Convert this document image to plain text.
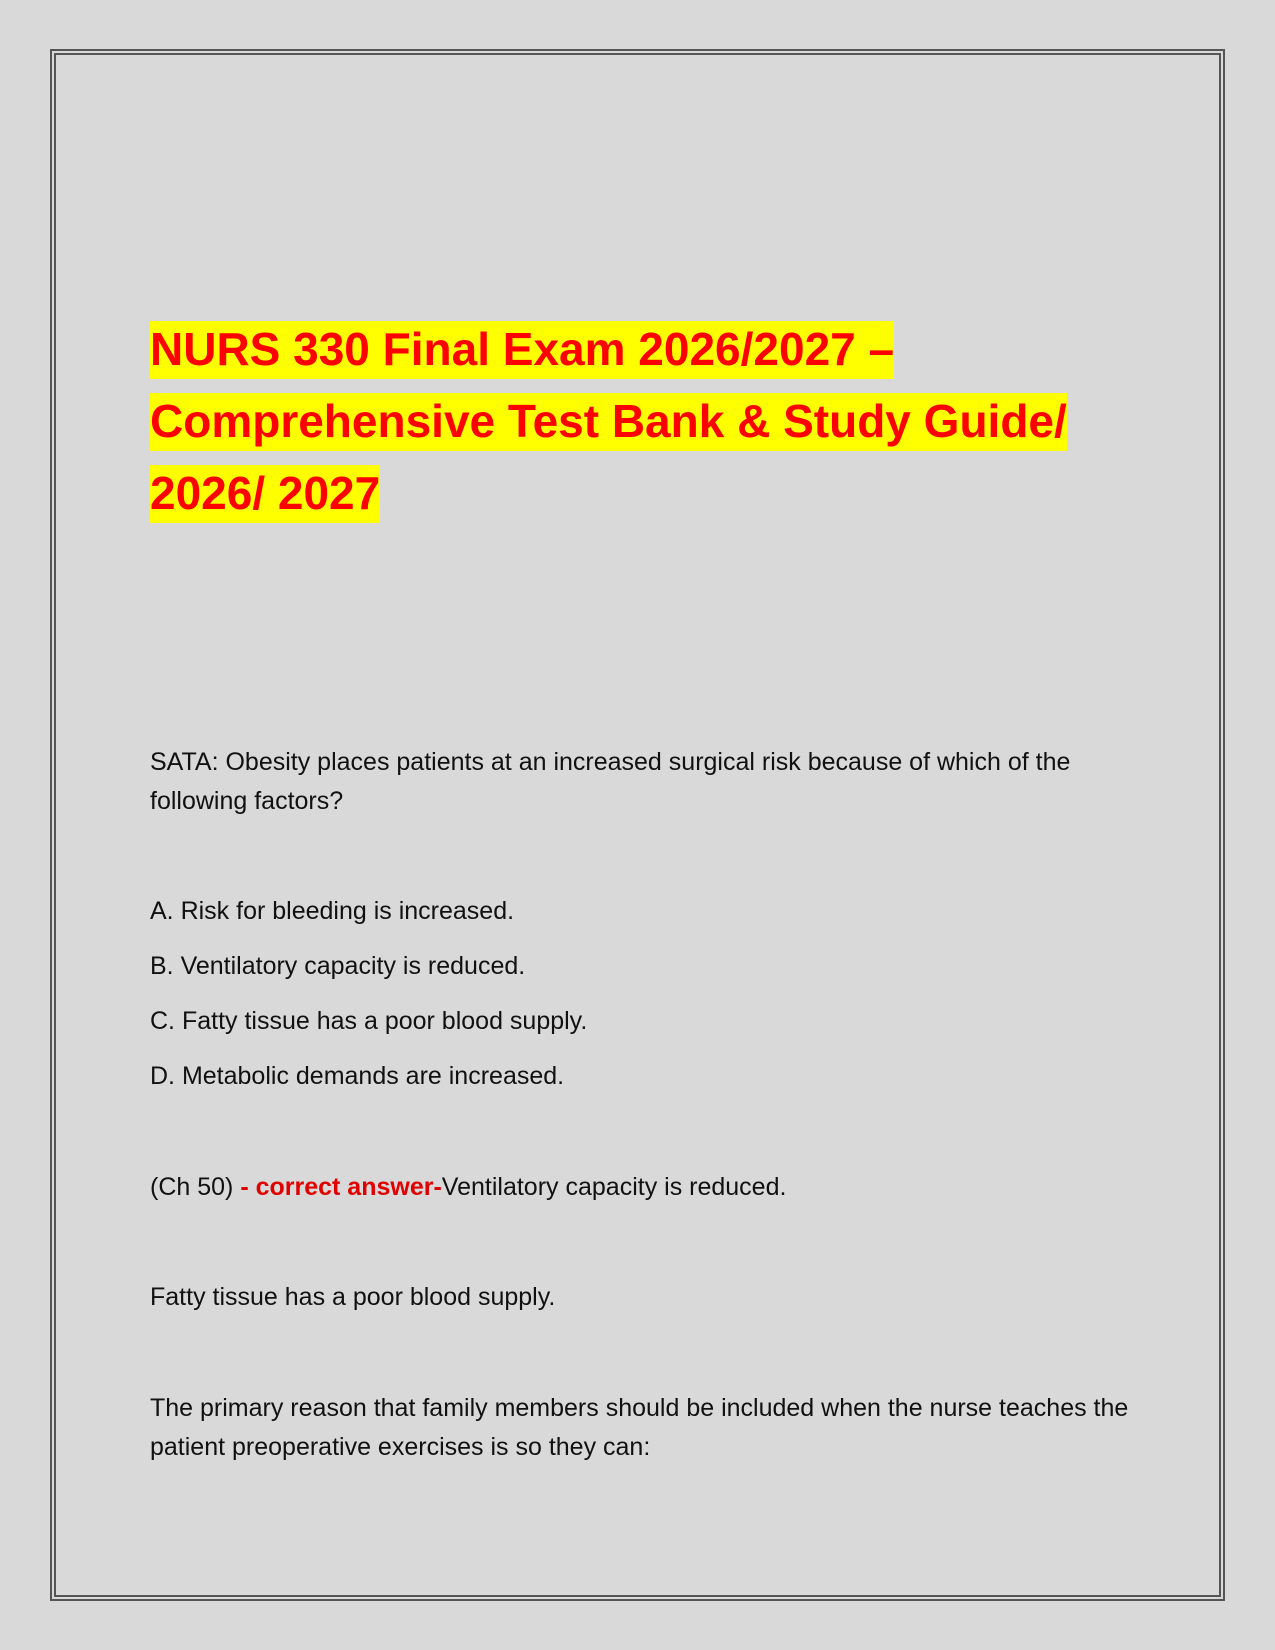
NURS 330 Final Exam 2026/2027 – Comprehensive Test Bank & Study Guide/ 2026/ 2027

SATA: Obesity places patients at an increased surgical risk because of which of the following factors?

A. Risk for bleeding is increased.

B. Ventilatory capacity is reduced.

C. Fatty tissue has a poor blood supply.

D. Metabolic demands are increased.

(Ch 50) - correct answer-Ventilatory capacity is reduced.

Fatty tissue has a poor blood supply.

The primary reason that family members should be included when the nurse teaches the patient preoperative exercises is so they can:
